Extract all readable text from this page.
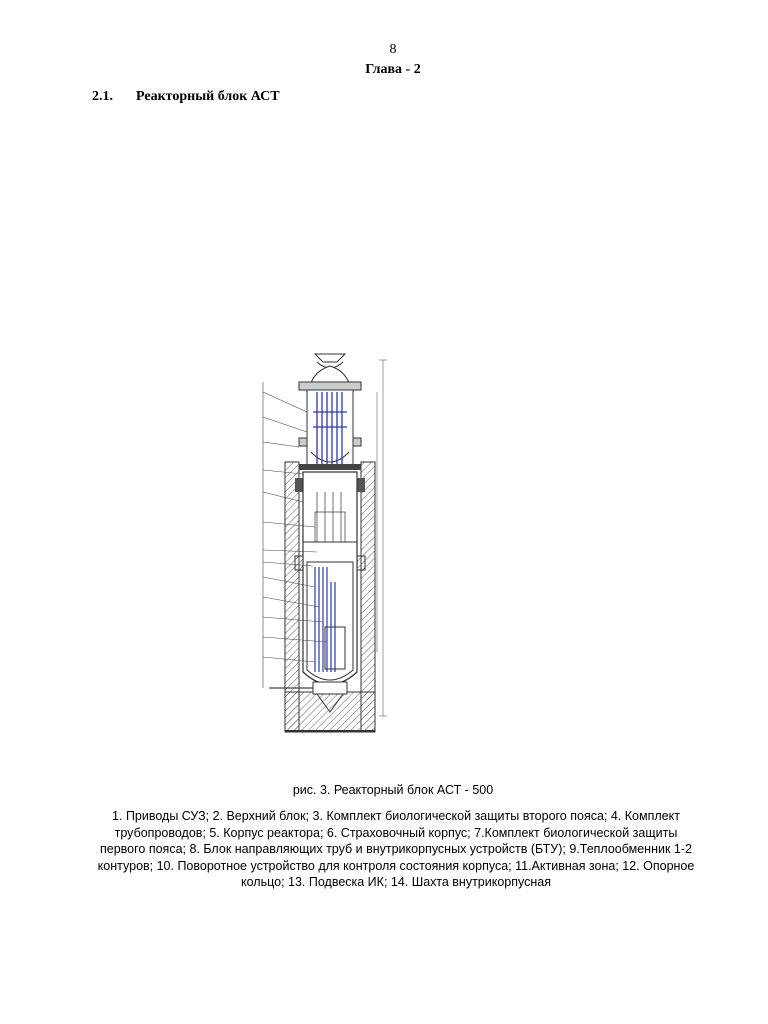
8
Глава - 2
2.1. Реакторный блок АСТ
рис. 3. Реакторный блок АСТ - 500
1. Приводы СУЗ; 2. Верхний блок; 3. Комплект биологической защиты второго пояса; 4. Комплект трубопроводов; 5. Корпус реактора; 6. Страховочный корпус; 7.Комплект биологической защиты первого пояса; 8. Блок направляющих труб и внутрикорпусных устройств (БТУ); 9.Теплообменник 1-2 контуров; 10. Поворотное устройство для контроля состояния корпуса; 11.Активная зона; 12. Опорное кольцо; 13. Подвеска ИК; 14. Шахта внутрикорпусная
